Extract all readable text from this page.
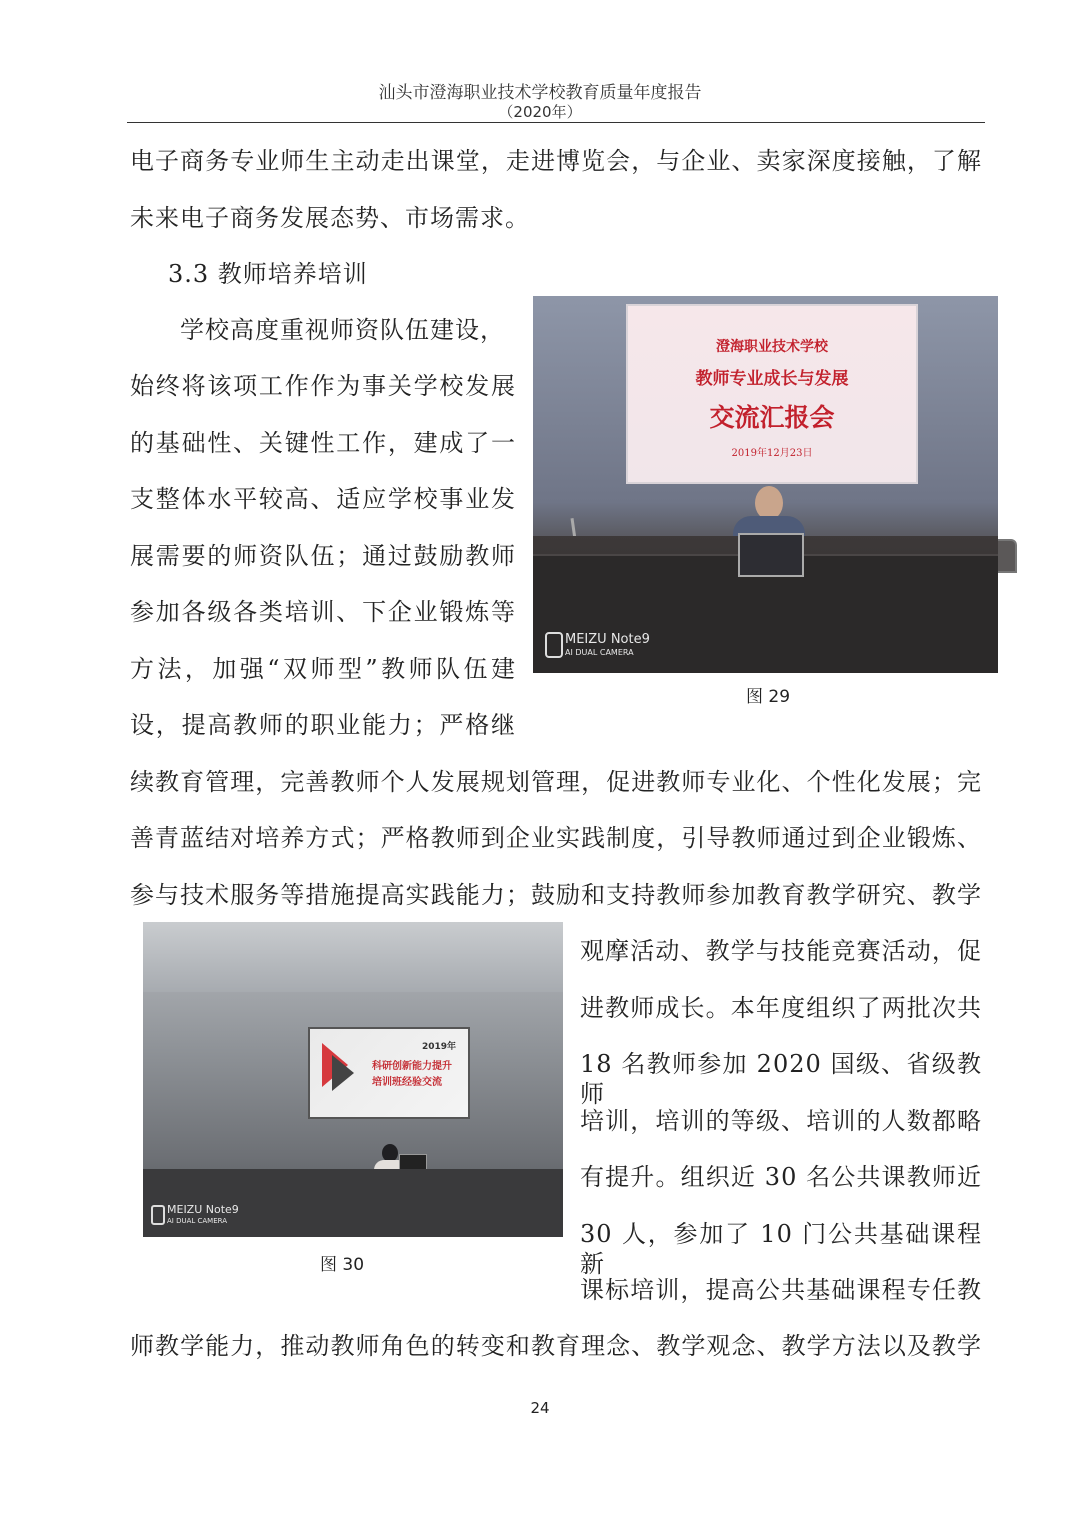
汕头市澄海职业技术学校教育质量年度报告
（2020年）
电子商务专业师生主动走出课堂，走进博览会，与企业、卖家深度接触，了解
未来电子商务发展态势、市场需求。
3.3 教师培养培训
学校高度重视师资队伍建设，
始终将该项工作作为事关学校发展
的基础性、关键性工作，建成了一
支整体水平较高、适应学校事业发
展需要的师资队伍；通过鼓励教师
参加各级各类培训、下企业锻炼等
方法，加强“双师型”教师队伍建
设，提高教师的职业能力；严格继
澄海职业技术学校
教师专业成长与发展
交流汇报会
2019年12月23日
MEIZU Note9
AI DUAL CAMERA
图 29
续教育管理，完善教师个人发展规划管理，促进教师专业化、个性化发展；完
善青蓝结对培养方式；严格教师到企业实践制度，引导教师通过到企业锻炼、
参与技术服务等措施提高实践能力；鼓励和支持教师参加教育教学研究、教学
2019年
科研创新能力提升
培训班经验交流
MEIZU Note9
AI DUAL CAMERA
图 30
观摩活动、教学与技能竞赛活动，促
进教师成长。本年度组织了两批次共
18 名教师参加 2020 国级、省级教师
培训，培训的等级、培训的人数都略
有提升。组织近 30 名公共课教师近
30 人，参加了 10 门公共基础课程新
课标培训，提高公共基础课程专任教
师教学能力，推动教师角色的转变和教育理念、教学观念、教学方法以及教学
24
